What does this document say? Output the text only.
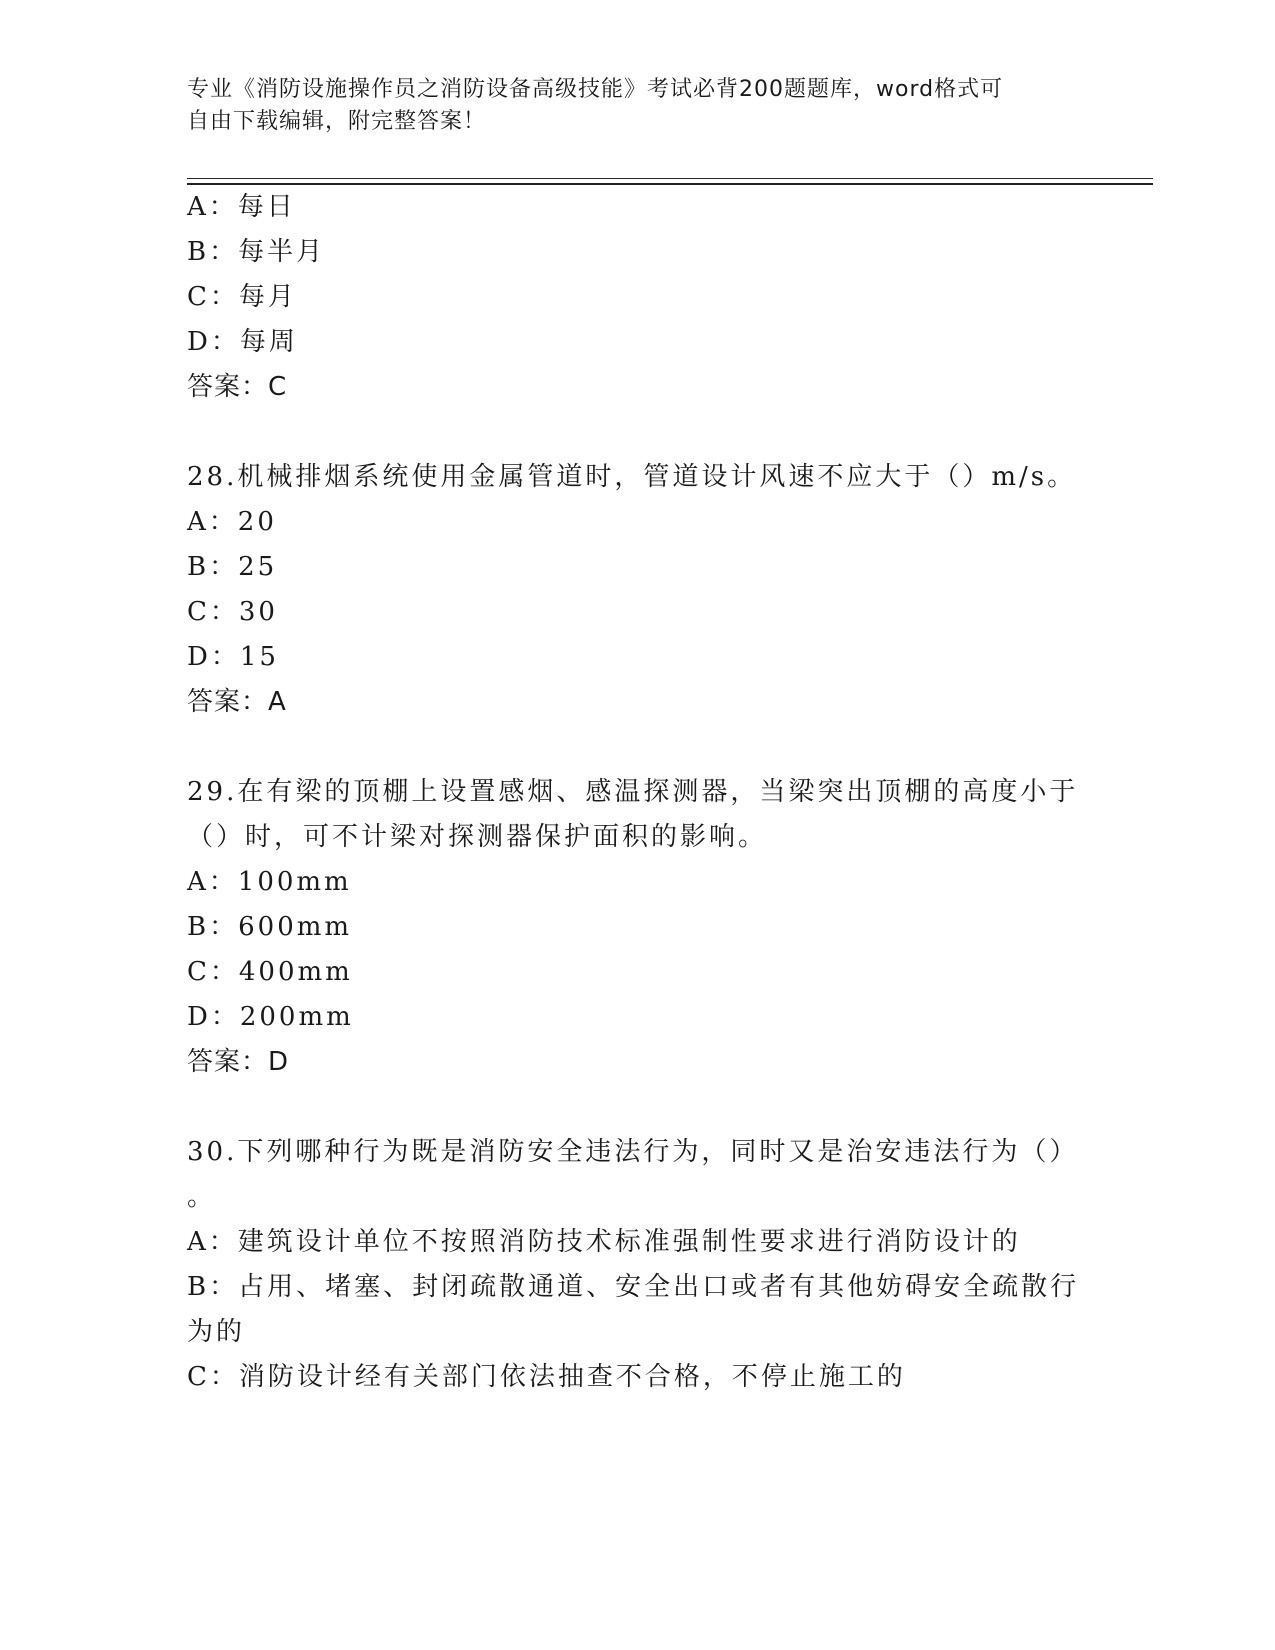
专业《消防设施操作员之消防设备高级技能》考试必背200题题库，word格式可
自由下载编辑，附完整答案！
A：每日
B：每半月
C：每月
D：每周
答案：C
28.机械排烟系统使用金属管道时，管道设计风速不应大于（）m/s。
A：20
B：25
C：30
D：15
答案：A
29.在有梁的顶棚上设置感烟、感温探测器，当梁突出顶棚的高度小于
（）时，可不计梁对探测器保护面积的影响。
A：100mm
B：600mm
C：400mm
D：200mm
答案：D
30.下列哪种行为既是消防安全违法行为，同时又是治安违法行为（）
。
A：建筑设计单位不按照消防技术标准强制性要求进行消防设计的
B：占用、堵塞、封闭疏散通道、安全出口或者有其他妨碍安全疏散行
为的
C：消防设计经有关部门依法抽查不合格，不停止施工的
